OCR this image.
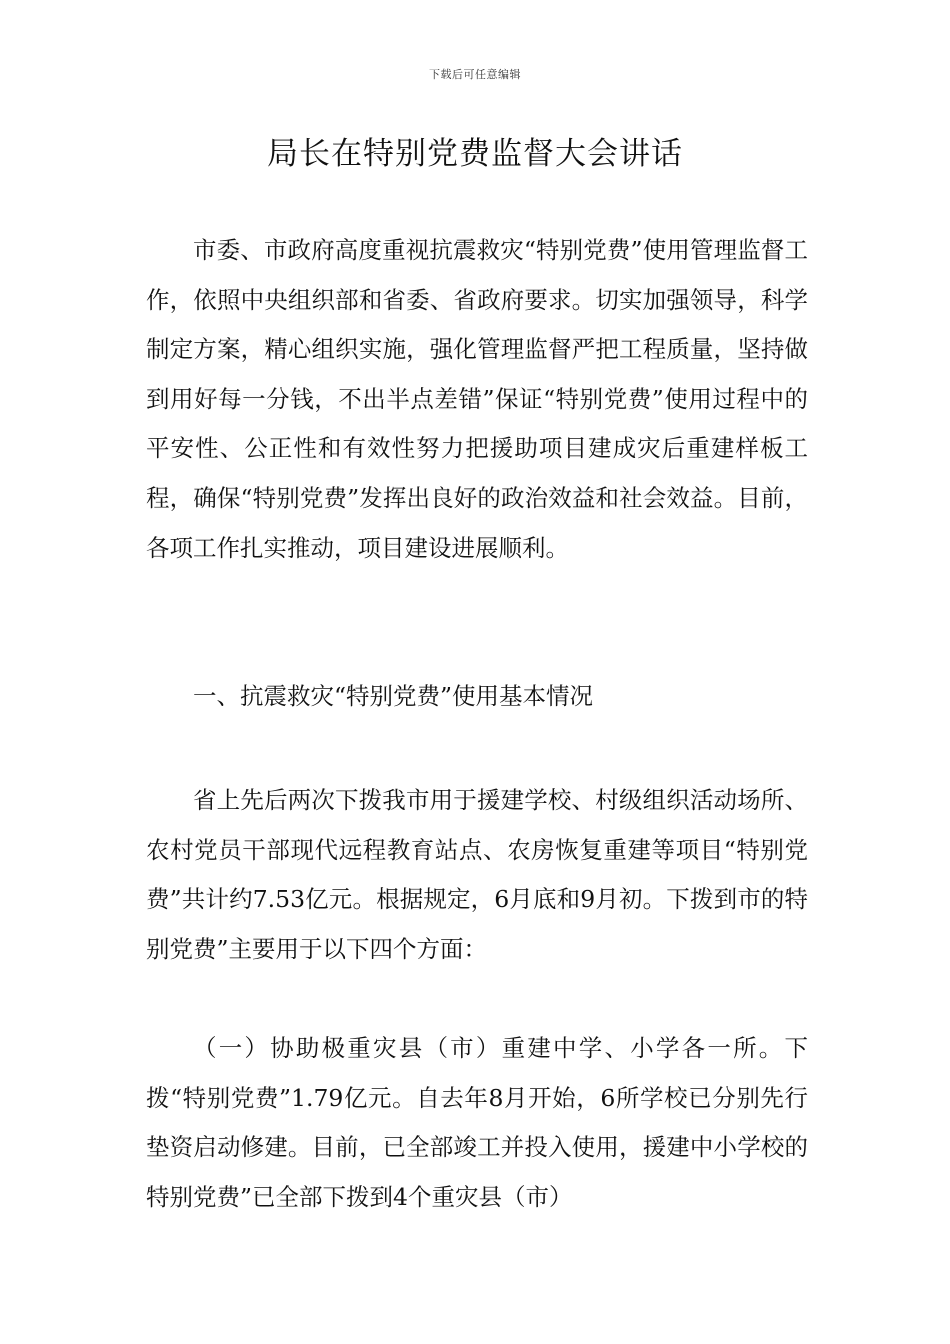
下载后可任意编辑
局长在特别党费监督大会讲话

市委、市政府高度重视抗震救灾“特别党费”使用管理监督工作，依照中央组织部和省委、省政府要求。切实加强领导，科学制定方案，精心组织实施，强化管理监督严把工程质量，坚持做到用好每一分钱，不出半点差错”保证“特别党费”使用过程中的平安性、公正性和有效性努力把援助项目建成灾后重建样板工程，确保“特别党费”发挥出良好的政治效益和社会效益。目前，各项工作扎实推动，项目建设进展顺利。

一、抗震救灾“特别党费”使用基本情况

省上先后两次下拨我市用于援建学校、村级组织活动场所、农村党员干部现代远程教育站点、农房恢复重建等项目“特别党费”共计约7.53亿元。根据规定，6月底和9月初。下拨到市的特别党费”主要用于以下四个方面：

（一）协助极重灾县（市）重建中学、小学各一所。下拨“特别党费”1.79亿元。自去年8月开始，6所学校已分别先行垫资启动修建。目前，已全部竣工并投入使用，援建中小学校的特别党费”已全部下拨到4个重灾县（市）
